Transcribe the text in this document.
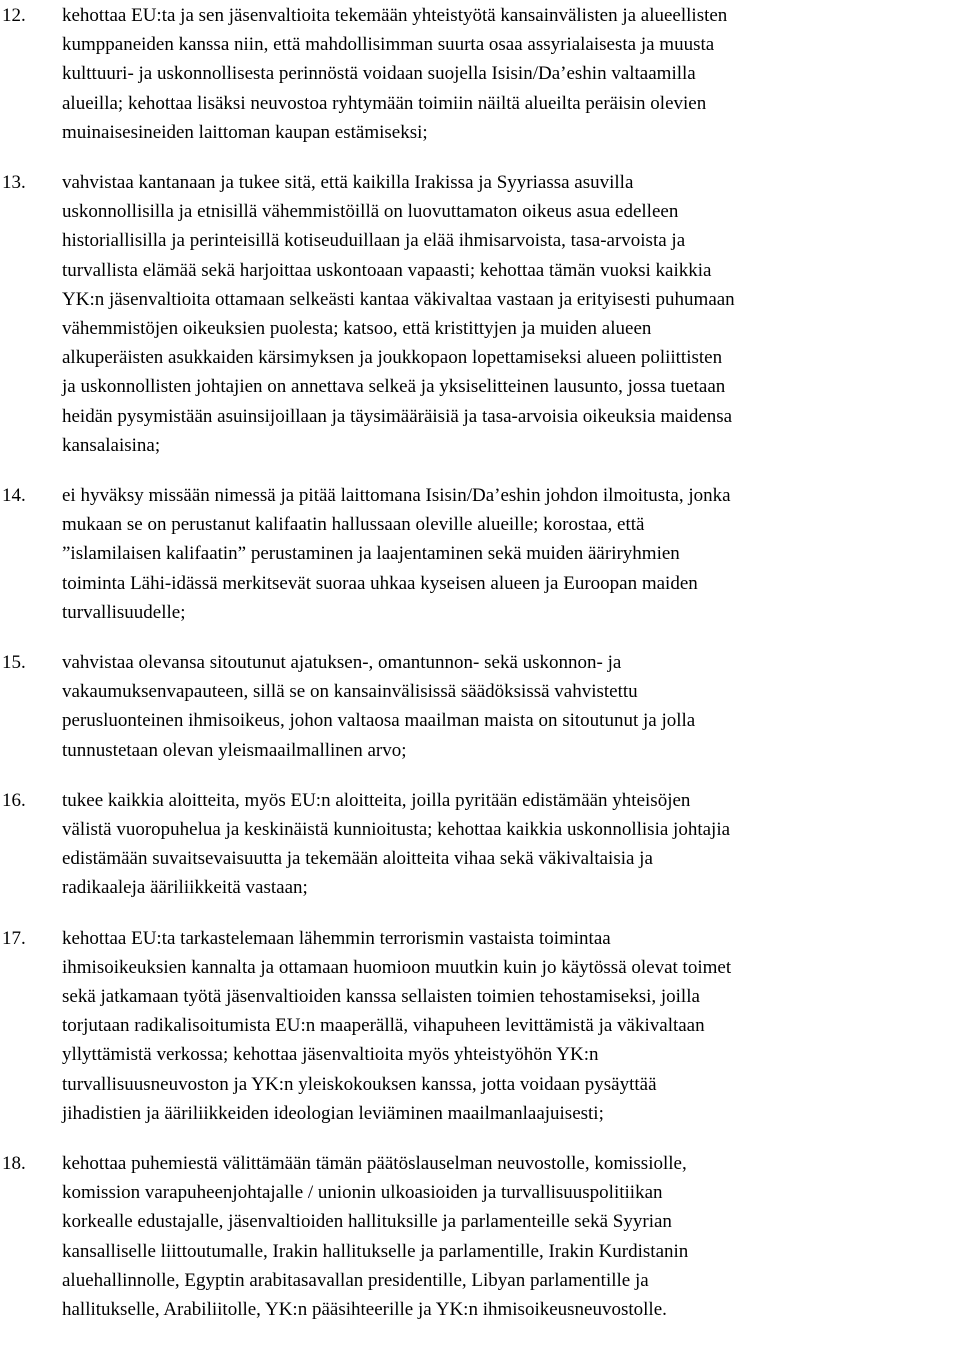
12. kehottaa EU:ta ja sen jäsenvaltioita tekemään yhteistyötä kansainvälisten ja alueellisten
kumppaneiden kanssa niin, että mahdollisimman suurta osaa assyrialaisesta ja muusta
kulttuuri- ja uskonnollisesta perinnöstä voidaan suojella Isisin/Da’eshin valtaamilla
alueilla; kehottaa lisäksi neuvostoa ryhtymään toimiin näiltä alueilta peräisin olevien
muinaisesineiden laittoman kaupan estämiseksi;
13. vahvistaa kantanaan ja tukee sitä, että kaikilla Irakissa ja Syyriassa asuvilla
uskonnollisilla ja etnisillä vähemmistöillä on luovuttamaton oikeus asua edelleen
historiallisilla ja perinteisillä kotiseuduillaan ja elää ihmisarvoista, tasa-arvoista ja
turvallista elämää sekä harjoittaa uskontoaan vapaasti; kehottaa tämän vuoksi kaikkia
YK:n jäsenvaltioita ottamaan selkeästi kantaa väkivaltaa vastaan ja erityisesti puhumaan
vähemmistöjen oikeuksien puolesta; katsoo, että kristittyjen ja muiden alueen
alkuperäisten asukkaiden kärsimyksen ja joukkopaon lopettamiseksi alueen poliittisten
ja uskonnollisten johtajien on annettava selkeä ja yksiselitteinen lausunto, jossa tuetaan
heidän pysymistään asuinsijoillaan ja täysimääräisiä ja tasa-arvoisia oikeuksia maidensa
kansalaisina;
14. ei hyväksy missään nimessä ja pitää laittomana Isisin/Da’eshin johdon ilmoitusta, jonka
mukaan se on perustanut kalifaatin hallussaan oleville alueille; korostaa, että
”islamilaisen kalifaatin” perustaminen ja laajentaminen sekä muiden ääriryhmien
toiminta Lähi-idässä merkitsevät suoraa uhkaa kyseisen alueen ja Euroopan maiden
turvallisuudelle;
15. vahvistaa olevansa sitoutunut ajatuksen-, omantunnon- sekä uskonnon- ja
vakaumuksenvapauteen, sillä se on kansainvälisissä säädöksissä vahvistettu
perusluonteinen ihmisoikeus, johon valtaosa maailman maista on sitoutunut ja jolla
tunnustetaan olevan yleismaailmallinen arvo;
16. tukee kaikkia aloitteita, myös EU:n aloitteita, joilla pyritään edistämään yhteisöjen
välistä vuoropuhelua ja keskinäistä kunnioitusta; kehottaa kaikkia uskonnollisia johtajia
edistämään suvaitsevaisuutta ja tekemään aloitteita vihaa sekä väkivaltaisia ja
radikaaleja ääriliikkeitä vastaan;
17. kehottaa EU:ta tarkastelemaan lähemmin terrorismin vastaista toimintaa
ihmisoikeuksien kannalta ja ottamaan huomioon muutkin kuin jo käytössä olevat toimet
sekä jatkamaan työtä jäsenvaltioiden kanssa sellaisten toimien tehostamiseksi, joilla
torjutaan radikalisoitumista EU:n maaperällä, vihapuheen levittämistä ja väkivaltaan
yllyttämistä verkossa; kehottaa jäsenvaltioita myös yhteistyöhön YK:n
turvallisuusneuvoston ja YK:n yleiskokouksen kanssa, jotta voidaan pysäyttää
jihadistien ja ääriliikkeiden ideologian leviäminen maailmanlaajuisesti;
18. kehottaa puhemiestä välittämään tämän päätöslauselman neuvostolle, komissiolle,
komission varapuheenjohtajalle / unionin ulkoasioiden ja turvallisuuspolitiikan
korkealle edustajalle, jäsenvaltioiden hallituksille ja parlamenteille sekä Syyrian
kansalliselle liittoutumalle, Irakin hallitukselle ja parlamentille, Irakin Kurdistanin
aluehallinnolle, Egyptin arabitasavallan presidentille, Libyan parlamentille ja
hallitukselle, Arabiliitolle, YK:n pääsihteerille ja YK:n ihmisoikeusneuvostolle.
